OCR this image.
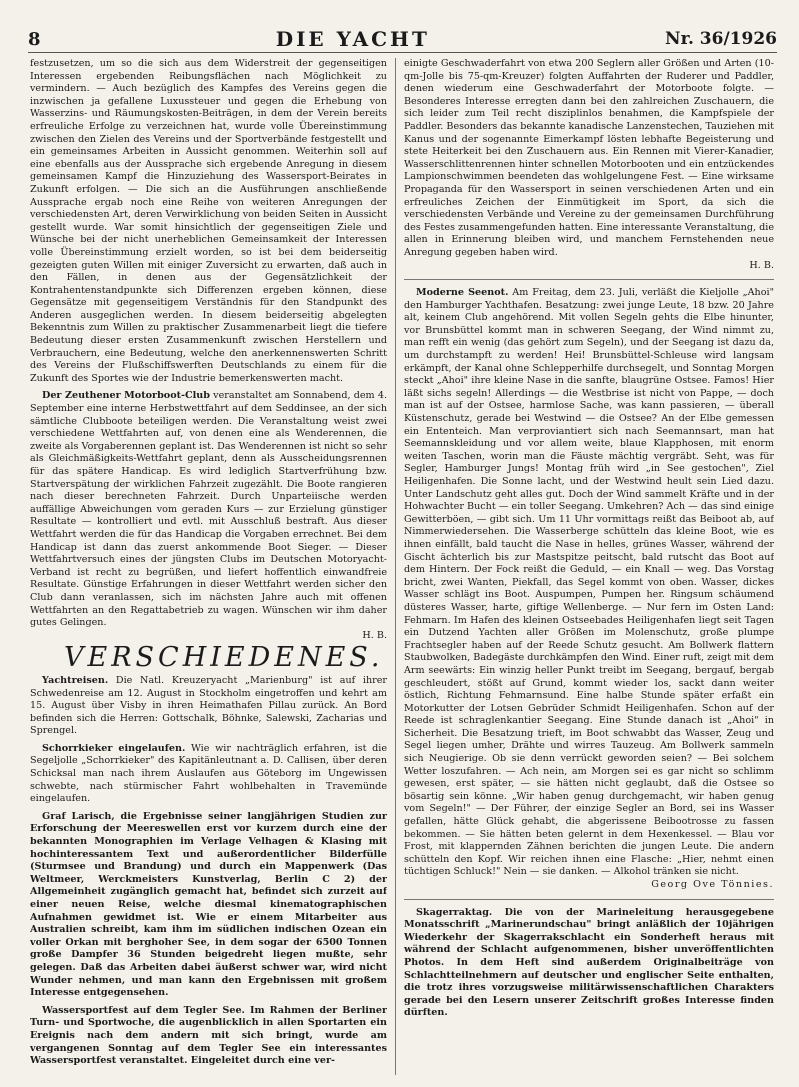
8	DIE YACHT	Nr. 36/1926

festzusetzen, um so die sich aus dem Widerstreit der gegenseitigen Interessen ergebenden Reibungsflächen nach Möglichkeit zu vermindern. — Auch bezüglich des Kampfes des Vereins gegen die inzwischen ja gefallene Luxussteuer und gegen die Erhebung von Wasserzins- und Räumungskosten-Beiträgen, in dem der Verein bereits erfreuliche Erfolge zu verzeichnen hat, wurde volle Übereinstimmung zwischen den Zielen des Vereins und der Sportverbände festgestellt und ein gemeinsames Arbeiten in Aussicht genommen. Weiterhin soll auf eine ebenfalls aus der Aussprache sich ergebende Anregung in diesem gemeinsamen Kampf die Hinzuziehung des Wassersport-Beirates in Zukunft erfolgen. — Die sich an die Ausführungen anschließende Aussprache ergab noch eine Reihe von weiteren Anregungen der verschiedensten Art, deren Verwirklichung von beiden Seiten in Aussicht gestellt wurde. War somit hinsichtlich der gegenseitigen Ziele und Wünsche bei der nicht unerheblichen Gemeinsamkeit der Interessen volle Übereinstimmung erzielt worden, so ist bei dem beiderseitig gezeigten guten Willen mit einiger Zuversicht zu erwarten, daß auch in den Fällen, in denen aus der Gegensätzlichkeit der Kontrahentenstandpunkte sich Differenzen ergeben können, diese Gegensätze mit gegenseitigem Verständnis für den Standpunkt des Anderen ausgeglichen werden. In diesem beiderseitig abgelegten Bekenntnis zum Willen zu praktischer Zusammenarbeit liegt die tiefere Bedeutung dieser ersten Zusammenkunft zwischen Herstellern und Verbrauchern, eine Bedeutung, welche den anerkennenswerten Schritt des Vereins der Flußschiffswerften Deutschlands zu einem für die Zukunft des Sportes wie der Industrie bemerkenswerten macht.

Der Zeuthener Motorboot-Club veranstaltet am Sonnabend, dem 4. September eine interne Herbstwettfahrt auf dem Seddinsee, an der sich sämtliche Clubboote beteiligen werden. Die Veranstaltung weist zwei verschiedene Wettfahrten auf, von denen eine als Wenderennen, die zweite als Vorgaberennen geplant ist. Das Wenderennen ist nicht so sehr als Gleichmäßigkeits-Wettfahrt geplant, denn als Ausscheidungsrennen für das spätere Handicap. Es wird lediglich Startverfrühung bzw. Startverspätung der wirklichen Fahrzeit zugezählt. Die Boote rangieren nach dieser berechneten Fahrzeit. Durch Unparteiische werden auffällige Abweichungen vom geraden Kurs — zur Erzielung günstiger Resultate — kontrolliert und evtl. mit Ausschluß bestraft. Aus dieser Wettfahrt werden die für das Handicap die Vorgaben errechnet. Bei dem Handicap ist dann das zuerst ankommende Boot Sieger. — Dieser Wettfahrtversuch eines der jüngsten Clubs im Deutschen Motoryacht-Verband ist recht zu begrüßen, und liefert hoffentlich einwandfreie Resultate. Günstige Erfahrungen in dieser Wettfahrt werden sicher den Club dann veranlassen, sich im nächsten Jahre auch mit offenen Wettfahrten an den Regattabetrieb zu wagen. Wünschen wir ihm daher gutes Gelingen.
H. B.

VERSCHIEDENES.

Yachtreisen. Die Natl. Kreuzeryacht „Marienburg" ist auf ihrer Schwedenreise am 12. August in Stockholm eingetroffen und kehrt am 15. August über Visby in ihren Heimathafen Pillau zurück. An Bord befinden sich die Herren: Gottschalk, Böhnke, Salewski, Zacharias und Sprengel.

Schorrkieker eingelaufen. Wie wir nachträglich erfahren, ist die Segeljolle „Schorrkieker" des Kapitänleutnant a. D. Callisen, über deren Schicksal man nach ihrem Auslaufen aus Göteborg im Ungewissen schwebte, nach stürmischer Fahrt wohlbehalten in Travemünde eingelaufen.

Graf Larisch, die Ergebnisse seiner langjährigen Studien zur Erforschung der Meereswellen erst vor kurzem durch eine der bekannten Monographien im Verlage Velhagen & Klasing mit hochinteressantem Text und außerordentlicher Bilderfülle (Sturmsee und Brandung) und durch ein Mappenwerk (Das Weltmeer, Werckmeisters Kunstverlag, Berlin C 2) der Allgemeinheit zugänglich gemacht hat, befindet sich zurzeit auf einer neuen Reise, welche diesmal kinematographischen Aufnahmen gewidmet ist. Wie er einem Mitarbeiter aus Australien schreibt, kam ihm im südlichen indischen Ozean ein voller Orkan mit berghoher See, in dem sogar der 6500 Tonnen große Dampfer 36 Stunden beigedreht liegen mußte, sehr gelegen. Daß das Arbeiten dabei äußerst schwer war, wird nicht Wunder nehmen, und man kann den Ergebnissen mit großem Interesse entgegensehen.

Wassersportfest auf dem Tegler See. Im Rahmen der Berliner Turn- und Sportwoche, die augenblicklich in allen Sportarten ein Ereignis nach dem andern mit sich bringt, wurde am vergangenen Sonntag auf dem Tegler See ein interessantes Wassersportfest veranstaltet. Eingeleitet durch eine ver-

einigte Geschwaderfahrt von etwa 200 Seglern aller Größen und Arten (10-qm-Jolle bis 75-qm-Kreuzer) folgten Auffahrten der Ruderer und Paddler, denen wiederum eine Geschwaderfahrt der Motorboote folgte. — Besonderes Interesse erregten dann bei den zahlreichen Zuschauern, die sich leider zum Teil recht disziplinlos benahmen, die Kampfspiele der Paddler. Besonders das bekannte kanadische Lanzenstechen, Tauziehen mit Kanus und der sogenannte Eimerkampf lösten lebhafte Begeisterung und stete Heiterkeit bei den Zuschauern aus. Ein Rennen mit Vierer-Kanadier, Wasserschlittenrennen hinter schnellen Motorbooten und ein entzückendes Lampionschwimmen beendeten das wohlgelungene Fest. — Eine wirksame Propaganda für den Wassersport in seinen verschiedenen Arten und ein erfreuliches Zeichen der Einmütigkeit im Sport, da sich die verschiedensten Verbände und Vereine zu der gemeinsamen Durchführung des Festes zusammengefunden hatten. Eine interessante Veranstaltung, die allen in Erinnerung bleiben wird, und manchem Fernstehenden neue Anregung gegeben haben wird.
H. B.

Moderne Seenot. Am Freitag, dem 23. Juli, verläßt die Kieljolle „Ahoi" den Hamburger Yachthafen. Besatzung: zwei junge Leute, 18 bzw. 20 Jahre alt, keinem Club angehörend. Mit vollen Segeln gehts die Elbe hinunter, vor Brunsbüttel kommt man in schweren Seegang, der Wind nimmt zu, man refft ein wenig (das gehört zum Segeln), und der Seegang ist dazu da, um durchstampft zu werden! Hei! Brunsbüttel-Schleuse wird langsam erkämpft, der Kanal ohne Schlepperhilfe durchsegelt, und Sonntag Morgen steckt „Ahoi" ihre kleine Nase in die sanfte, blaugrüne Ostsee. Famos! Hier läßt sichs segeln! Allerdings — die Westbrise ist nicht von Pappe, — doch man ist auf der Ostsee, harmlose Sache, was kann passieren, — überall Küstenschutz, gerade bei Westwind — die Ostsee? An der Elbe gemessen ein Ententeich. Man verproviantiert sich nach Seemannsart, man hat Seemannskleidung und vor allem weite, blaue Klapphosen, mit enorm weiten Taschen, worin man die Fäuste mächtig vergräbt. Seht, was für Segler, Hamburger Jungs! Montag früh wird „in See gestochen", Ziel Heiligenhafen. Die Sonne lacht, und der Westwind heult sein Lied dazu. Unter Landschutz geht alles gut. Doch der Wind sammelt Kräfte und in der Hohwachter Bucht — ein toller Seegang. Umkehren? Ach — das sind einige Gewitterböen, — gibt sich. Um 11 Uhr vormittags reißt das Beiboot ab, auf Nimmerwiedersehen. Die Wasserberge schütteln das kleine Boot, wie es ihnen einfällt, bald taucht die Nase in helles, grünes Wasser, während der Gischt ächterlich bis zur Mastspitze peitscht, bald rutscht das Boot auf dem Hintern. Der Fock reißt die Geduld, — ein Knall — weg. Das Vorstag bricht, zwei Wanten, Piekfall, das Segel kommt von oben. Wasser, dickes Wasser schlägt ins Boot. Auspumpen, Pumpen her. Ringsum schäumend düsteres Wasser, harte, giftige Wellenberge. — Nur fern im Osten Land: Fehmarn. Im Hafen des kleinen Ostseebades Heiligenhafen liegt seit Tagen ein Dutzend Yachten aller Größen im Molenschutz, große plumpe Frachtsegler haben auf der Reede Schutz gesucht. Am Bollwerk flattern Staubwolken, Badegäste durchkämpfen den Wind. Einer ruft, zeigt mit dem Arm seewärts: Ein winzig heller Punkt treibt im Seegang, bergauf, bergab geschleudert, stößt auf Grund, kommt wieder los, sackt dann weiter östlich, Richtung Fehmarnsund. Eine halbe Stunde später erfaßt ein Motorkutter der Lotsen Gebrüder Schmidt Heiligenhafen. Schon auf der Reede ist schraglenkantier Seegang. Eine Stunde danach ist „Ahoi" in Sicherheit. Die Besatzung trieft, im Boot schwabbt das Wasser, Zeug und Segel liegen umher, Drähte und wirres Tauzeug. Am Bollwerk sammeln sich Neugierige. Ob sie denn verrückt geworden seien? — Bei solchem Wetter loszufahren. — Ach nein, am Morgen sei es gar nicht so schlimm gewesen, erst später, — sie hätten nicht geglaubt, daß die Ostsee so bösartig sein könne. „Wir haben genug durchgemacht, wir haben genug vom Segeln!" — Der Führer, der einzige Segler an Bord, sei ins Wasser gefallen, hätte Glück gehabt, die abgerissene Beibootrosse zu fassen bekommen. — Sie hätten beten gelernt in dem Hexenkessel. — Blau vor Frost, mit klappernden Zähnen berichten die jungen Leute. Die andern schütteln den Kopf. Wir reichen ihnen eine Flasche: „Hier, nehmt einen tüchtigen Schluck!" Nein — sie danken. — Alkohol tränken sie nicht.
Georg Ove Tönnies.

Skagerraktag. Die von der Marineleitung herausgegebene Monatsschrift „Marinerundschau" bringt anläßlich der 10jährigen Wiederkehr der Skagerrakschlacht ein Sonderheft heraus mit während der Schlacht aufgenommenen, bisher unveröffentlichten Photos. In dem Heft sind außerdem Originalbeiträge von Schlachtteilnehmern auf deutscher und englischer Seite enthalten, die trotz ihres vorzugsweise militärwissenschaftlichen Charakters gerade bei den Lesern unserer Zeitschrift großes Interesse finden dürften.
